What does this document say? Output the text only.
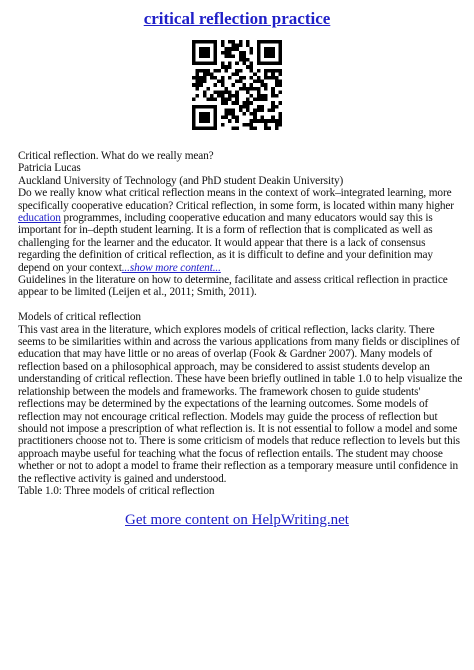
critical reflection practice

Critical reflection. What do we really mean?

Patricia Lucas

Auckland University of Technology (and PhD student Deakin University)

Do we really know what critical reflection means in the context of work–integrated learning, more specifically cooperative education? Critical reflection, in some form, is located within many higher education programmes, including cooperative education and many educators would say this is important for in–depth student learning. It is a form of reflection that is complicated as well as challenging for the learner and the educator. It would appear that there is a lack of consensus regarding the definition of critical reflection, as it is difficult to define and your definition may depend on your context...show more content...

Guidelines in the literature on how to determine, facilitate and assess critical reflection in practice appear to be limited (Leijen et al., 2011; Smith, 2011).

Models of critical reflection

This vast area in the literature, which explores models of critical reflection, lacks clarity. There seems to be similarities within and across the various applications from many fields or disciplines of education that may have little or no areas of overlap (Fook & Gardner 2007). Many models of reflection based on a philosophical approach, may be considered to assist students develop an understanding of critical reflection. These have been briefly outlined in table 1.0 to help visualize the relationship between the models and frameworks. The framework chosen to guide students' reflections may be determined by the expectations of the learning outcomes. Some models of reflection may not encourage critical reflection. Models may guide the process of reflection but should not impose a prescription of what reflection is. It is not essential to follow a model and some practitioners choose not to. There is some criticism of models that reduce reflection to levels but this approach maybe useful for teaching what the focus of reflection entails. The student may choose whether or not to adopt a model to frame their reflection as a temporary measure until confidence in the reflective activity is gained and understood.

Table 1.0: Three models of critical reflection

Get more content on HelpWriting.net
